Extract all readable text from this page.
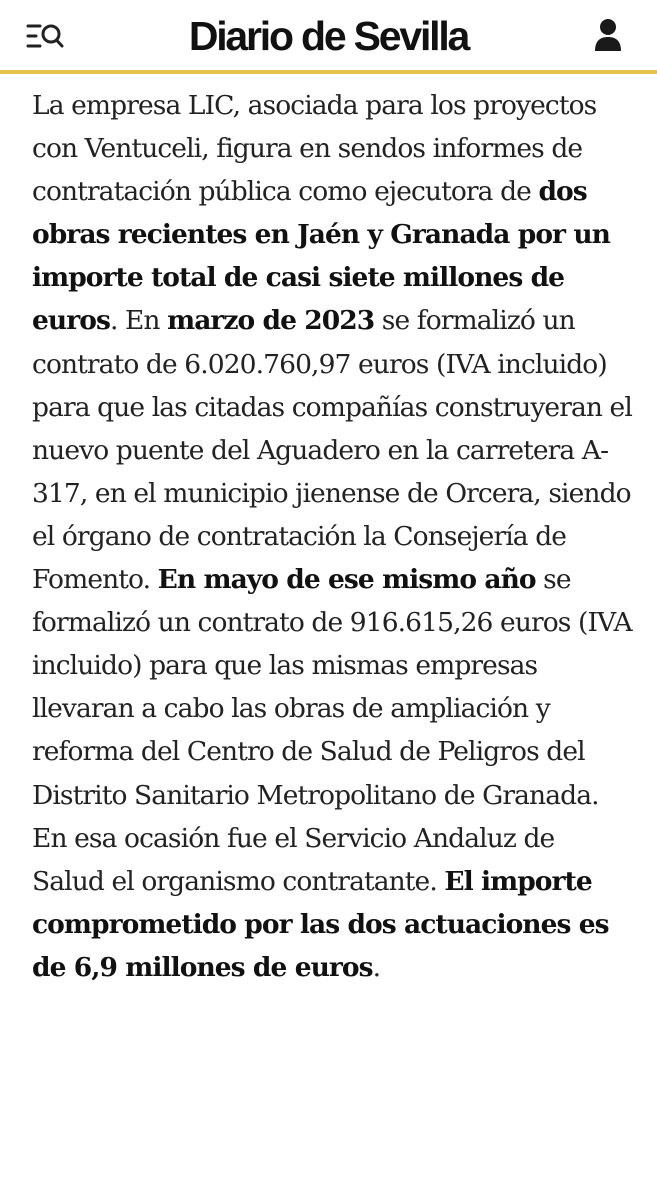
Diario de Sevilla

La empresa LIC, asociada para los proyectos con Ventuceli, figura en sendos informes de contratación pública como ejecutora de dos obras recientes en Jaén y Granada por un importe total de casi siete millones de euros. En marzo de 2023 se formalizó un contrato de 6.020.760,97 euros (IVA incluido) para que las citadas compañías construyeran el nuevo puente del Aguadero en la carretera A-317, en el municipio jienense de Orcera, siendo el órgano de contratación la Consejería de Fomento. En mayo de ese mismo año se formalizó un contrato de 916.615,26 euros (IVA incluido) para que las mismas empresas llevaran a cabo las obras de ampliación y reforma del Centro de Salud de Peligros del Distrito Sanitario Metropolitano de Granada. En esa ocasión fue el Servicio Andaluz de Salud el organismo contratante. El importe comprometido por las dos actuaciones es de 6,9 millones de euros.
